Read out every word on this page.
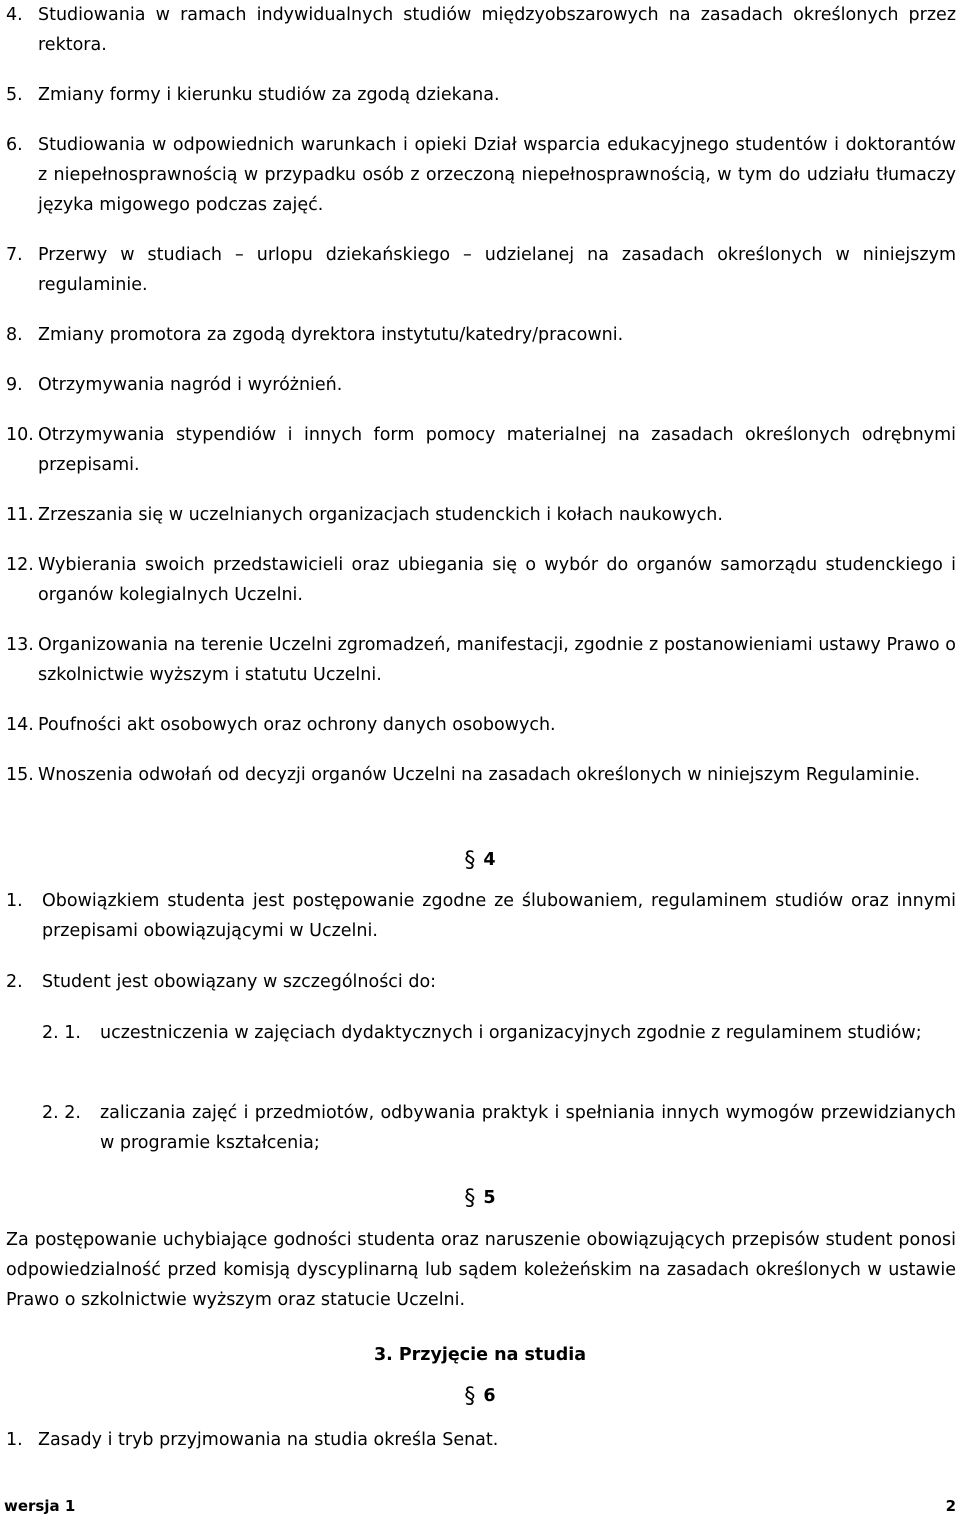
4. Studiowania w ramach indywidualnych studiów międzyobszarowych na zasadach określonych przez rektora.
5. Zmiany formy i kierunku studiów za zgodą dziekana.
6. Studiowania w odpowiednich warunkach i opieki Dział wsparcia edukacyjnego studentów i doktorantów z niepełnosprawnością w przypadku osób z orzeczoną niepełnosprawnością, w tym do udziału tłumaczy języka migowego podczas zajęć.
7. Przerwy w studiach – urlopu dziekańskiego – udzielanej na zasadach określonych w niniejszym regulaminie.
8. Zmiany promotora za zgodą dyrektora instytutu/katedry/pracowni.
9. Otrzymywania nagród i wyróżnień.
10. Otrzymywania stypendiów i innych form pomocy materialnej na zasadach określonych odrębnymi przepisami.
11. Zrzeszania się w uczelnianych organizacjach studenckich i kołach naukowych.
12. Wybierania swoich przedstawicieli oraz ubiegania się o wybór do organów samorządu studenckiego i organów kolegialnych Uczelni.
13. Organizowania na terenie Uczelni zgromadzeń, manifestacji, zgodnie z postanowieniami ustawy Prawo o szkolnictwie wyższym i statutu Uczelni.
14. Poufności akt osobowych oraz ochrony danych osobowych.
15. Wnoszenia odwołań od decyzji organów Uczelni na zasadach określonych w niniejszym Regulaminie.
§ 4
1. Obowiązkiem studenta jest postępowanie zgodne ze ślubowaniem, regulaminem studiów oraz innymi przepisami obowiązującymi w Uczelni.
2. Student jest obowiązany w szczególności do:
2. 1. uczestniczenia w zajęciach dydaktycznych i organizacyjnych zgodnie z regulaminem studiów;
2. 2. zaliczania zajęć i przedmiotów, odbywania praktyk i spełniania innych wymogów przewidzianych w programie kształcenia;
§ 5
Za postępowanie uchybiające godności studenta oraz naruszenie obowiązujących przepisów student ponosi odpowiedzialność przed komisją dyscyplinarną lub sądem koleżeńskim na zasadach określonych w ustawie Prawo o szkolnictwie wyższym oraz statucie Uczelni.
3. Przyjęcie na studia
§ 6
1. Zasady i tryb przyjmowania na studia określa Senat.
wersja 1	2
